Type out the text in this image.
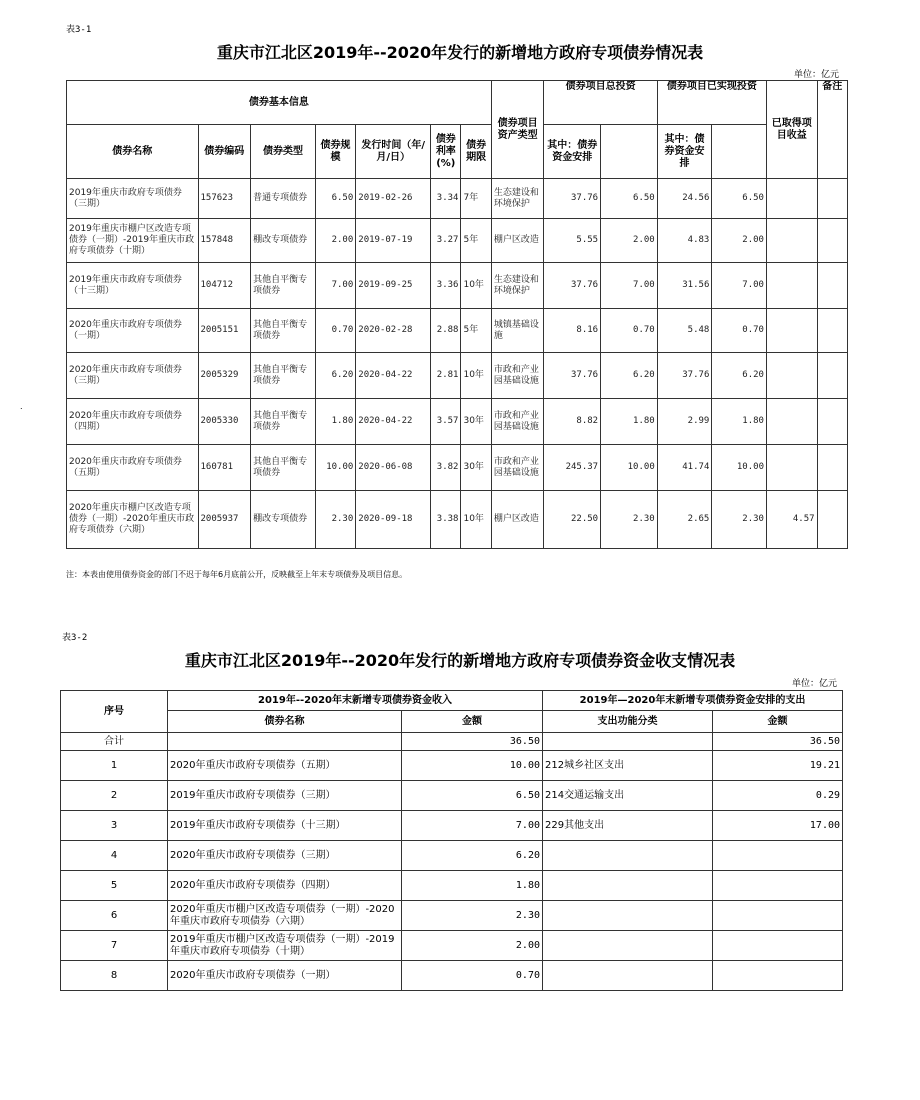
表3-1
重庆市江北区2019年--2020年发行的新增地方政府专项债券情况表
单位：亿元
.
债券基本信息							债券项目资产类型	债券项目总投资		债券项目已实现投资		已取得项目收益	备注
债券名称	债券编码	债券类型	债券规模	发行时间（年/月/日）	债券利率(%)	债券期限		其中：债券资金安排		其中：债券资金安排			
2019年重庆市政府专项债券（三期）	157623	普通专项债券	6.50	2019-02-26	3.34	7年	生态建设和环境保护	37.76	6.50	24.56	6.50		
2019年重庆市棚户区改造专项债券（一期）-2019年重庆市政府专项债券（十期）	157848	棚改专项债券	2.00	2019-07-19	3.27	5年	棚户区改造	5.55	2.00	4.83	2.00		
2019年重庆市政府专项债券（十三期）	104712	其他自平衡专项债券	7.00	2019-09-25	3.36	10年	生态建设和环境保护	37.76	7.00	31.56	7.00		
2020年重庆市政府专项债券（一期）	2005151	其他自平衡专项债券	0.70	2020-02-28	2.88	5年	城镇基础设施	8.16	0.70	5.48	0.70		
2020年重庆市政府专项债券（三期）	2005329	其他自平衡专项债券	6.20	2020-04-22	2.81	10年	市政和产业园基础设施	37.76	6.20	37.76	6.20		
2020年重庆市政府专项债券（四期）	2005330	其他自平衡专项债券	1.80	2020-04-22	3.57	30年	市政和产业园基础设施	8.82	1.80	2.99	1.80		
2020年重庆市政府专项债券（五期）	160781	其他自平衡专项债券	10.00	2020-06-08	3.82	30年	市政和产业园基础设施	245.37	10.00	41.74	10.00		
2020年重庆市棚户区改造专项债券（一期）-2020年重庆市政府专项债券（六期）	2005937	棚改专项债券	2.30	2020-09-18	3.38	10年	棚户区改造	22.50	2.30	2.65	2.30	4.57	
注：本表由使用债券资金的部门不迟于每年6月底前公开，反映截至上年末专项债券及项目信息。
表3-2
重庆市江北区2019年--2020年发行的新增地方政府专项债券资金收支情况表
单位：亿元
序号	2019年--2020年末新增专项债券资金收入		2019年—2020年末新增专项债券资金安排的支出	
	债券名称	金额	支出功能分类	金额
合计		36.50		36.50
1	2020年重庆市政府专项债券（五期）	10.00	212城乡社区支出	19.21
2	2019年重庆市政府专项债券（三期）	6.50	214交通运输支出	0.29
3	2019年重庆市政府专项债券（十三期）	7.00	229其他支出	17.00
4	2020年重庆市政府专项债券（三期）	6.20		
5	2020年重庆市政府专项债券（四期）	1.80		
6	2020年重庆市棚户区改造专项债券（一期）-2020年重庆市政府专项债券（六期）	2.30		
7	2019年重庆市棚户区改造专项债券（一期）-2019年重庆市政府专项债券（十期）	2.00		
8	2020年重庆市政府专项债券（一期）	0.70		
